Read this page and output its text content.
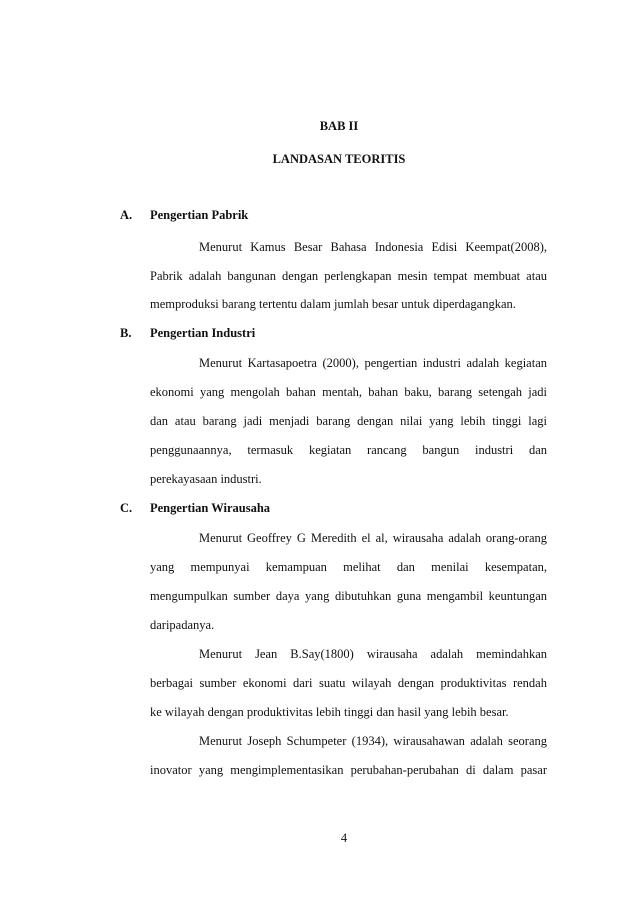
BAB II
LANDASAN TEORITIS
A. Pengertian Pabrik
Menurut Kamus Besar Bahasa Indonesia Edisi Keempat(2008),
Pabrik adalah bangunan dengan perlengkapan mesin tempat membuat atau
memproduksi barang tertentu dalam jumlah besar untuk diperdagangkan.
B. Pengertian Industri
Menurut Kartasapoetra (2000), pengertian industri adalah kegiatan
ekonomi yang mengolah bahan mentah, bahan baku, barang setengah jadi
dan atau barang jadi menjadi barang dengan nilai yang lebih tinggi lagi
penggunaannya, termasuk kegiatan rancang bangun industri dan
perekayasaan industri.
C. Pengertian Wirausaha
Menurut Geoffrey G Meredith el al, wirausaha adalah orang-orang
yang mempunyai kemampuan melihat dan menilai kesempatan,
mengumpulkan sumber daya yang dibutuhkan guna mengambil keuntungan
daripadanya.
Menurut Jean B.Say(1800) wirausaha adalah memindahkan
berbagai sumber ekonomi dari suatu wilayah dengan produktivitas rendah
ke wilayah dengan produktivitas lebih tinggi dan hasil yang lebih besar.
Menurut Joseph Schumpeter (1934), wirausahawan adalah seorang
inovator yang mengimplementasikan perubahan-perubahan di dalam pasar
4
